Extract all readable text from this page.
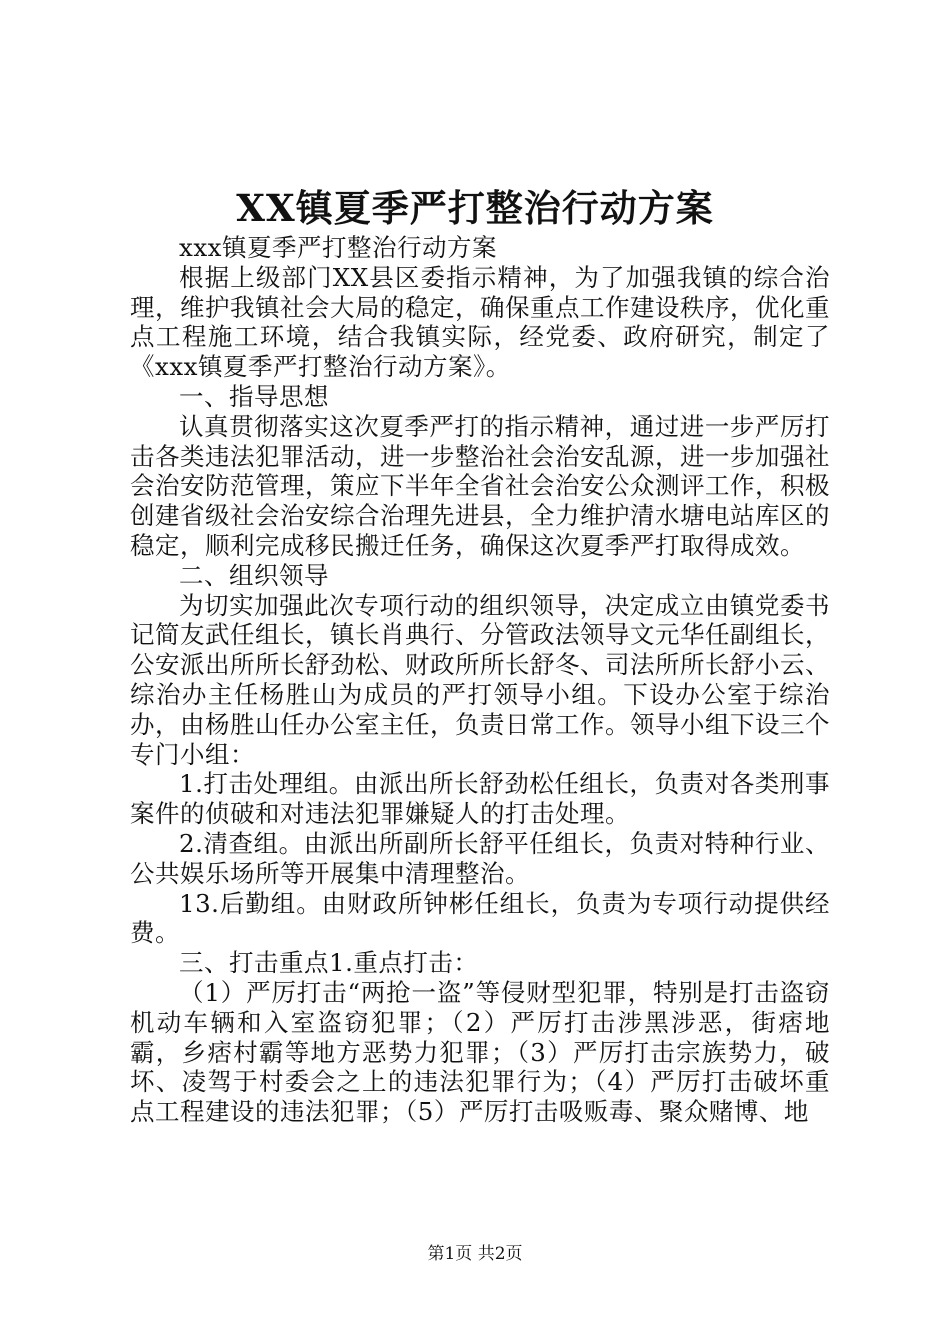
XX镇夏季严打整治行动方案

xxx镇夏季严打整治行动方案

根据上级部门XX县区委指示精神，为了加强我镇的综合治理，维护我镇社会大局的稳定，确保重点工作建设秩序，优化重点工程施工环境，结合我镇实际，经党委、政府研究，制定了《xxx镇夏季严打整治行动方案》。

一、指导思想

认真贯彻落实这次夏季严打的指示精神，通过进一步严厉打击各类违法犯罪活动，进一步整治社会治安乱源，进一步加强社会治安防范管理，策应下半年全省社会治安公众测评工作，积极创建省级社会治安综合治理先进县，全力维护清水塘电站库区的稳定，顺利完成移民搬迁任务，确保这次夏季严打取得成效。

二、组织领导

为切实加强此次专项行动的组织领导，决定成立由镇党委书记简友武任组长，镇长肖典行、分管政法领导文元华任副组长，公安派出所所长舒劲松、财政所所长舒冬、司法所所长舒小云、综治办主任杨胜山为成员的严打领导小组。下设办公室于综治办，由杨胜山任办公室主任，负责日常工作。领导小组下设三个专门小组：

1.打击处理组。由派出所长舒劲松任组长，负责对各类刑事案件的侦破和对违法犯罪嫌疑人的打击处理。

2.清查组。由派出所副所长舒平任组长，负责对特种行业、公共娱乐场所等开展集中清理整治。

13.后勤组。由财政所钟彬任组长，负责为专项行动提供经费。

三、打击重点1.重点打击：

（1）严厉打击“两抢一盗”等侵财型犯罪，特别是打击盗窃机动车辆和入室盗窃犯罪；（2）严厉打击涉黑涉恶，街痞地霸，乡痞村霸等地方恶势力犯罪；（3）严厉打击宗族势力，破坏、凌驾于村委会之上的违法犯罪行为；（4）严厉打击破坏重点工程建设的违法犯罪；（5）严厉打击吸贩毒、聚众赌博、地

第1页 共2页
